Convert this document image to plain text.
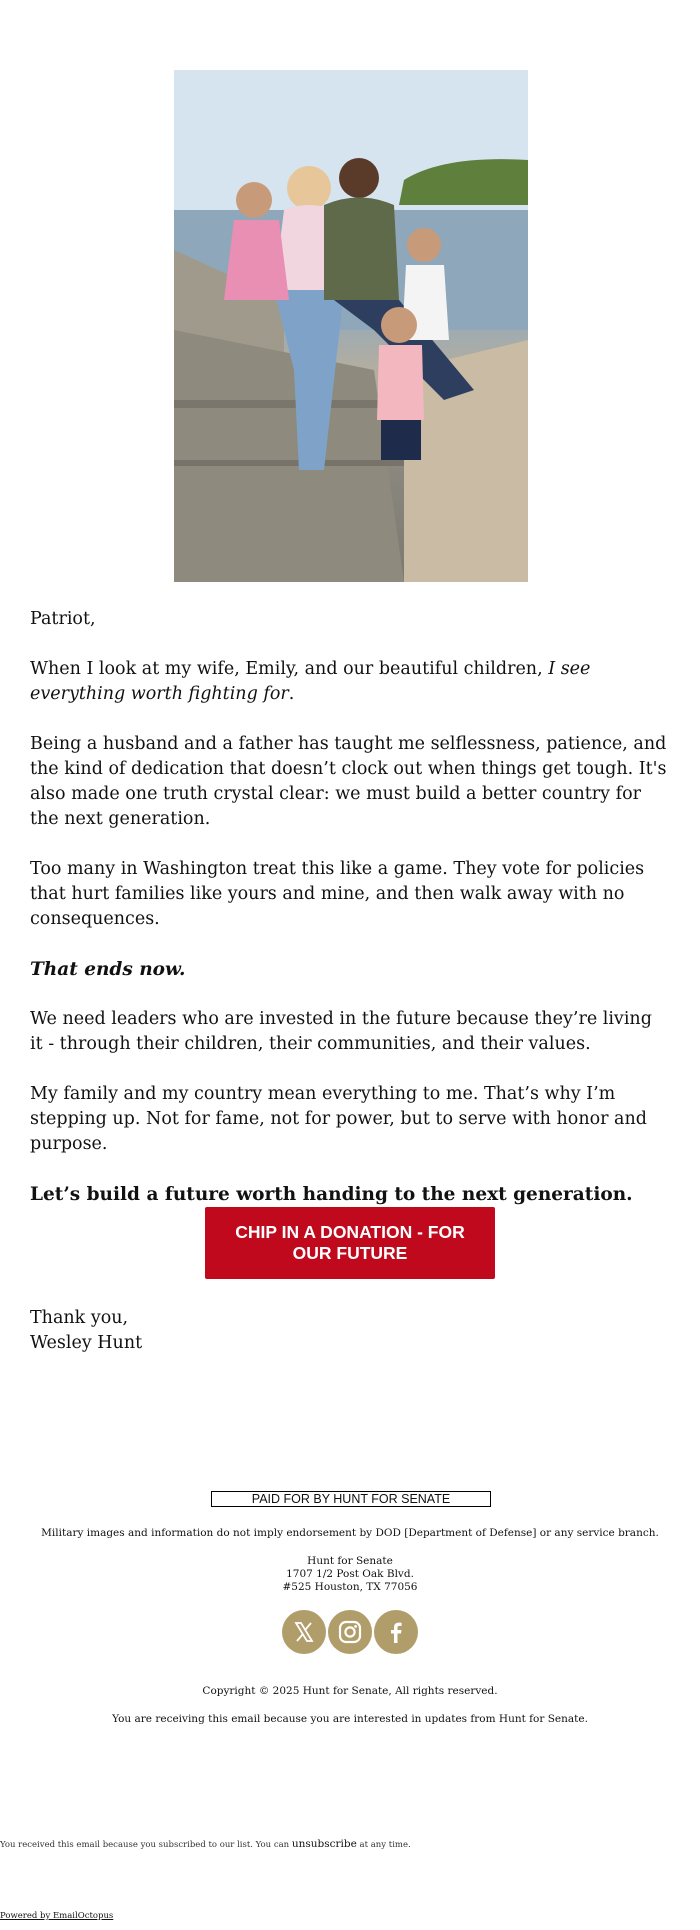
Patriot,

When I look at my wife, Emily, and our beautiful children, I see everything worth fighting for.

Being a husband and a father has taught me selflessness, patience, and the kind of dedication that doesn’t clock out when things get tough. It's also made one truth crystal clear: we must build a better country for the next generation.

Too many in Washington treat this like a game. They vote for policies that hurt families like yours and mine, and then walk away with no consequences.

That ends now.

We need leaders who are invested in the future because they’re living it - through their children, their communities, and their values.

My family and my country mean everything to me. That’s why I’m stepping up. Not for fame, not for power, but to serve with honor and purpose.

Let’s build a future worth handing to the next generation.

CHIP IN A DONATION - FOR OUR FUTURE
Thank you,
Wesley Hunt
PAID FOR BY HUNT FOR SENATE
Military images and information do not imply endorsement by DOD [Department of Defense] or any service branch.
Hunt for Senate
1707 1/2 Post Oak Blvd.
#525 Houston, TX 77056
Copyright © 2025 Hunt for Senate, All rights reserved.
You are receiving this email because you are interested in updates from Hunt for Senate.
You received this email because you subscribed to our list. You can unsubscribe at any time.
Powered by EmailOctopus
